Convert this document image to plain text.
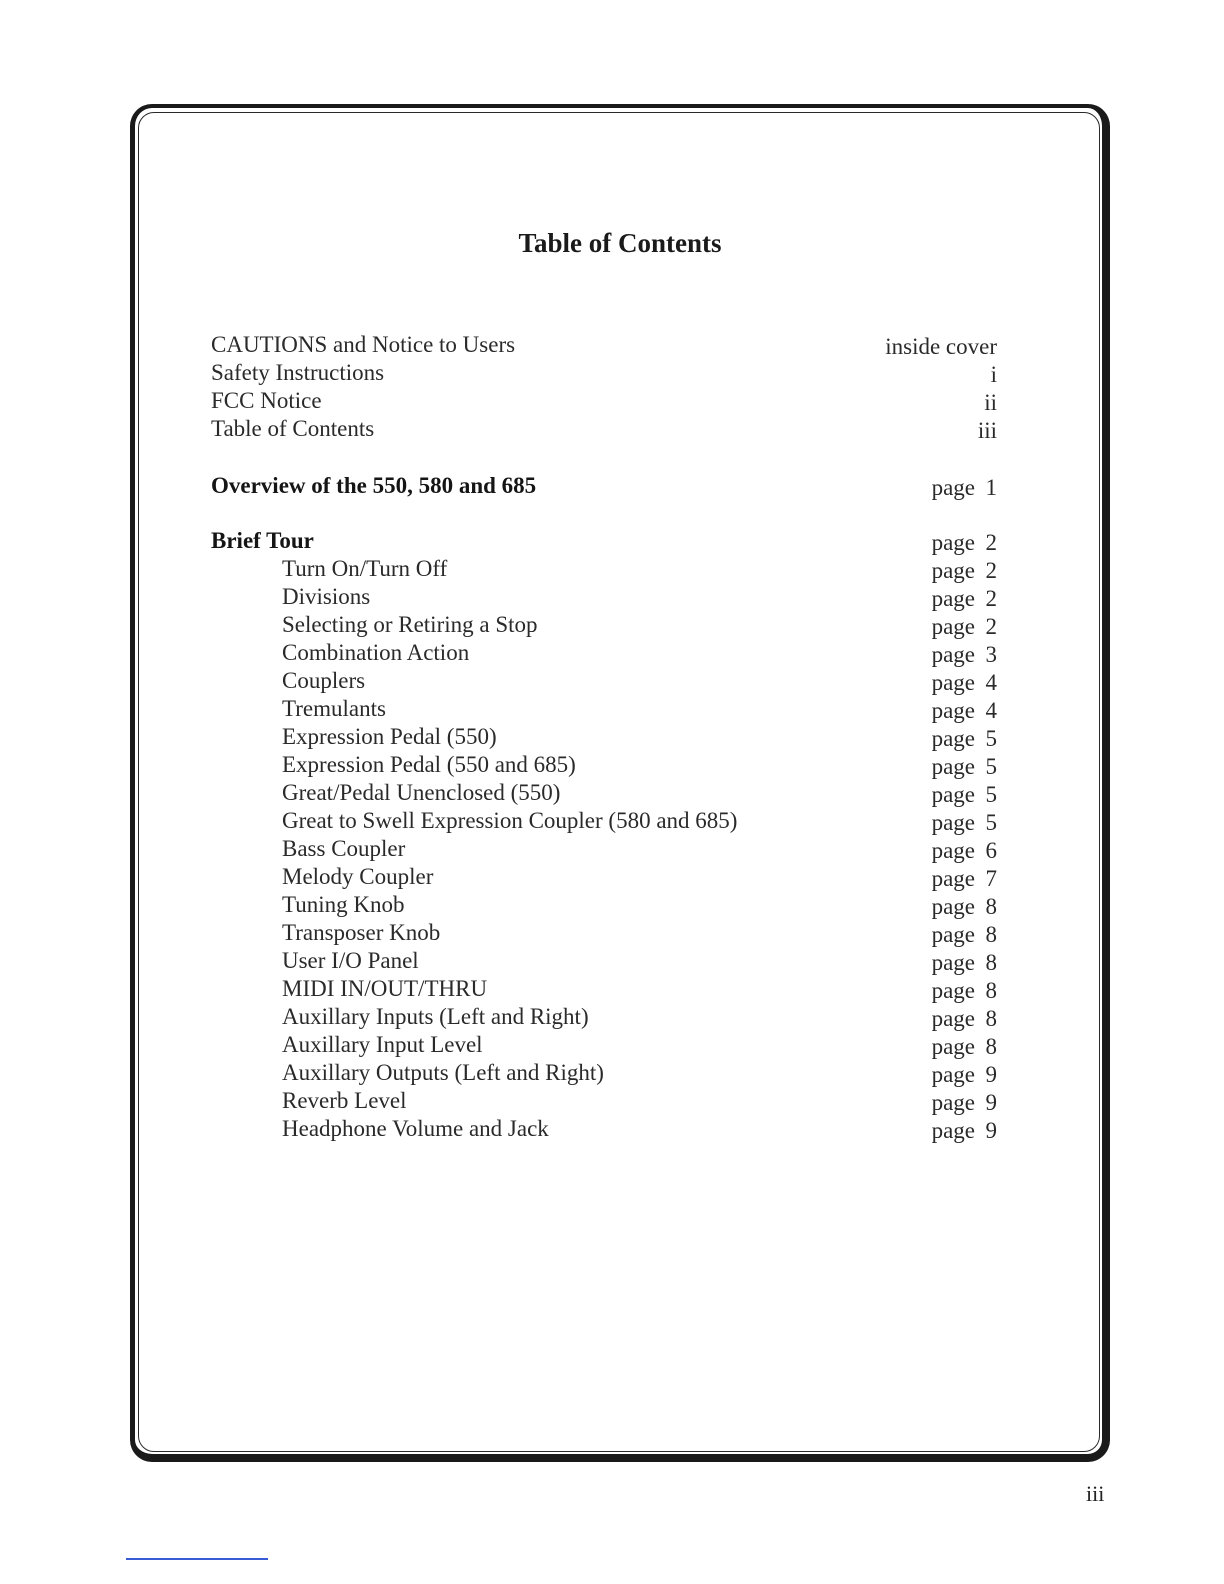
Table of Contents
CAUTIONS and Notice to Users	inside cover
Safety Instructions	i
FCC Notice	ii
Table of Contents	iii
Overview of the 550, 580 and 685	page 1
Brief Tour	page 2
Turn On/Turn Off	page 2
Divisions	page 2
Selecting or Retiring a Stop	page 2
Combination Action	page 3
Couplers	page 4
Tremulants	page 4
Expression Pedal (550)	page 5
Expression Pedal (550 and 685)	page 5
Great/Pedal Unenclosed (550)	page 5
Great to Swell Expression Coupler (580 and 685)	page 5
Bass Coupler	page 6
Melody Coupler	page 7
Tuning Knob	page 8
Transposer Knob	page 8
User I/O Panel	page 8
MIDI IN/OUT/THRU	page 8
Auxillary Inputs (Left and Right)	page 8
Auxillary Input Level	page 8
Auxillary Outputs (Left and Right)	page 9
Reverb Level	page 9
Headphone Volume and Jack	page 9
iii
